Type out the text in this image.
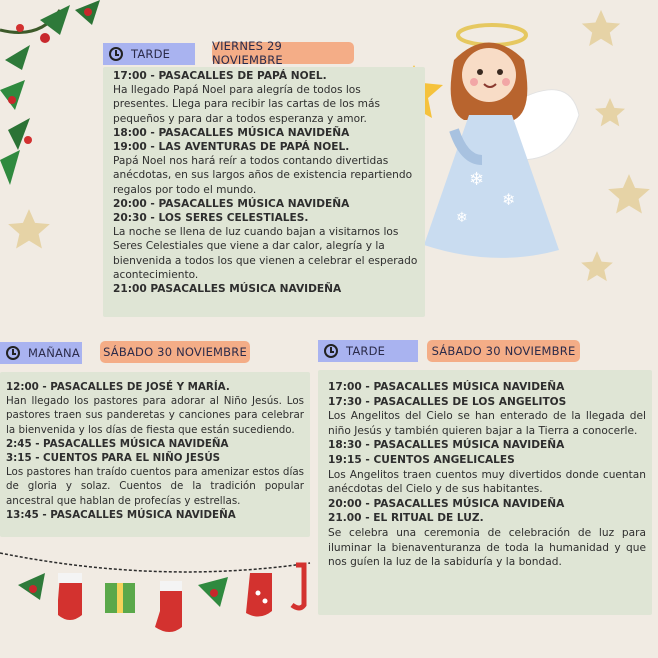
❄
❄
❄
TARDE
VIERNES 29 NOVIEMBRE
17:00 - PASACALLES DE PAPÁ NOEL.
Ha llegado Papá Noel para alegría de todos los presentes. Llega para recibir las cartas de los más pequeños y para dar a todos esperanza y amor.
18:00 - PASACALLES MÚSICA NAVIDEÑA
19:00 - LAS AVENTURAS DE PAPÁ NOEL.
Papá Noel nos hará reír a todos contando divertidas anécdotas, en sus largos años de existencia repartiendo regalos por todo el mundo.
20:00 - PASACALLES MÚSICA NAVIDEÑA
20:30 - LOS SERES CELESTIALES.
La noche se llena de luz cuando bajan a visitarnos los Seres Celestiales que viene a dar calor, alegría y la bienvenida a todos los que vienen a celebrar el esperado acontecimiento.
21:00 PASACALLES MÚSICA NAVIDEÑA
MAÑANA SÁBADO 30 NOVIEMBRE
12:00 - PASACALLES DE JOSÉ Y MARÍA.
Han llegado los pastores para adorar al Niño Jesús. Los pastores traen sus panderetas y canciones para celebrar la bienvenida y los días de fiesta que están sucediendo.
2:45 - PASACALLES MÚSICA NAVIDEÑA
3:15 - CUENTOS PARA EL NIÑO JESÚS
Los pastores han traído cuentos para amenizar estos días de gloria y solaz. Cuentos de la tradición popular ancestral que hablan de profecías y estrellas.
13:45 - PASACALLES MÚSICA NAVIDEÑA
TARDE	SÁBADO 30 NOVIEMBRE
17:00 - PASACALLES MÚSICA NAVIDEÑA
17:30 - PASACALLES DE LOS ANGELITOS
Los Angelitos del Cielo se han enterado de la llegada del niño Jesús y también quieren bajar a la Tierra a conocerle.
18:30 - PASACALLES MÚSICA NAVIDEÑA
19:15 - CUENTOS ANGELICALES
Los Angelitos traen cuentos muy divertidos donde cuentan anécdotas del Cielo y de sus habitantes.
20:00 - PASACALLES MÚSICA NAVIDEÑA
21.00 - EL RITUAL DE LUZ.
Se celebra una ceremonia de celebración de luz para iluminar la bienaventuranza de toda la humanidad y que nos guíen la luz de la sabiduría y la bondad.
